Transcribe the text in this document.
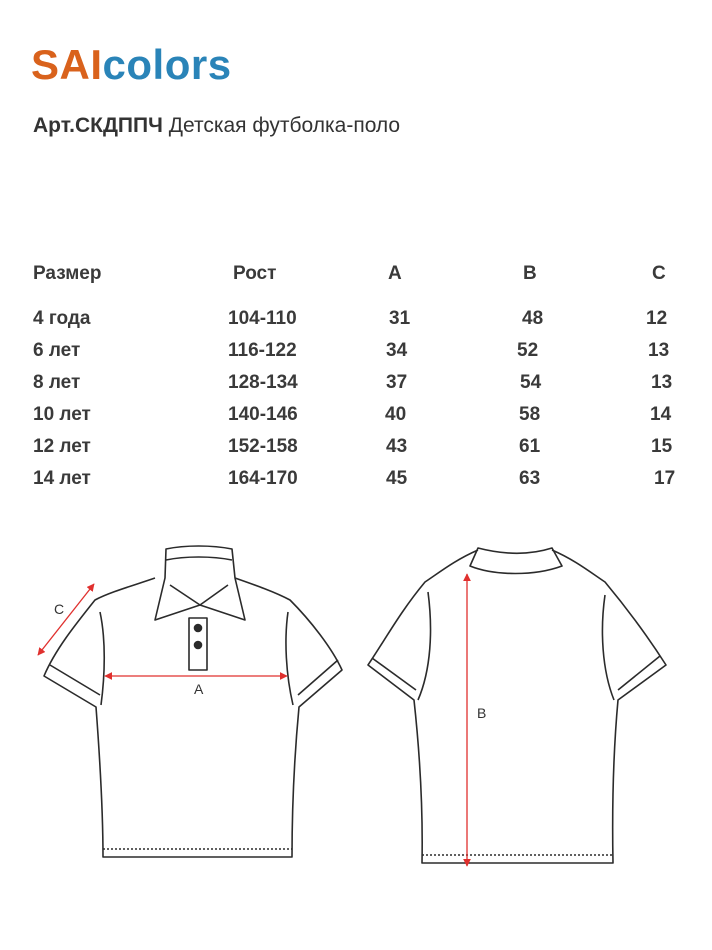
SAIcolors
Арт.СКДППЧ Детская футболка-поло
Размер	Рост	A	B	C
4 года	104-110	31	48	12
6 лет	116-122	34	52	13
8 лет	128-134	37	54	13
10 лет	140-146	40	58	14
12 лет	152-158	43	61	15
14 лет	164-170	45	63	17
C
A
B
